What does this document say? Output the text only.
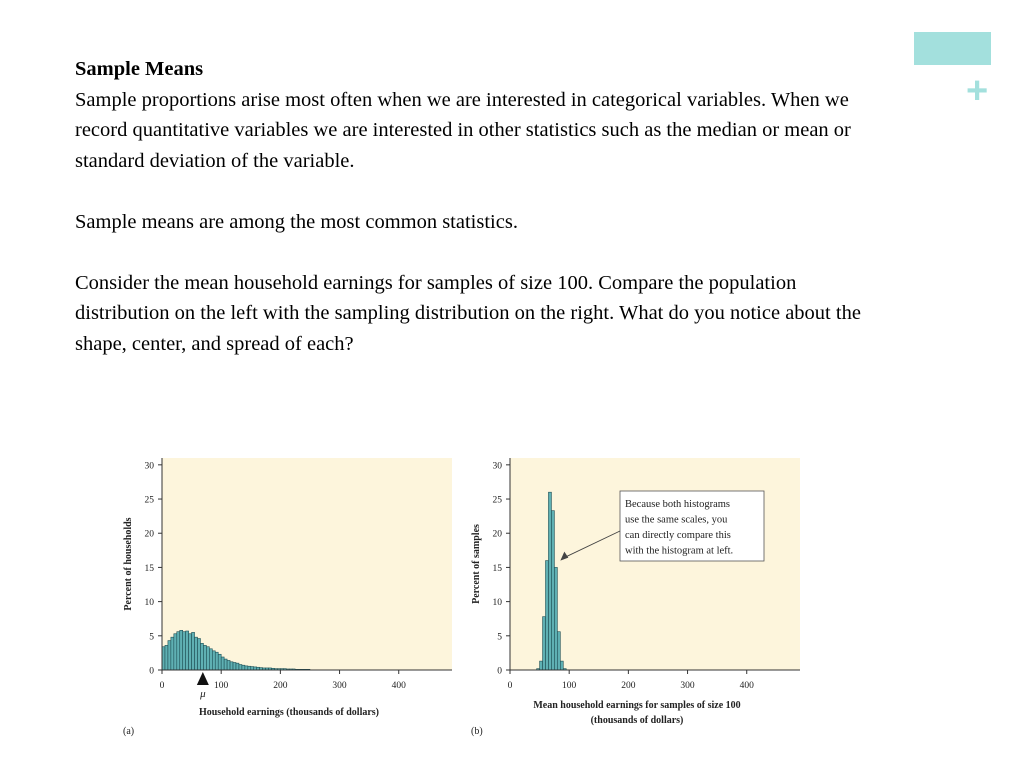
+

Sample Means

Sample proportions arise most often when we are interested in categorical variables. When we record quantitative variables we are interested in other statistics such as the median or mean or standard deviation of the variable.

Sample means are among the most common statistics.

Consider the mean household earnings for samples of size 100. Compare the population distribution on the left with the sampling distribution on the right. What do you notice about the shape, center, and spread of each?

0
5
10
15
20
25
30
0	100	200	300	400
Percent of households
Household earnings (thousands of dollars)
(a)
μ
0
5
10
15
20
25
30
0	100	200	300	400
Percent of samples
Mean household earnings for samples of size 100
(thousands of dollars)
(b)
Because both histograms
use the same scales, you
can directly compare this
with the histogram at left.
